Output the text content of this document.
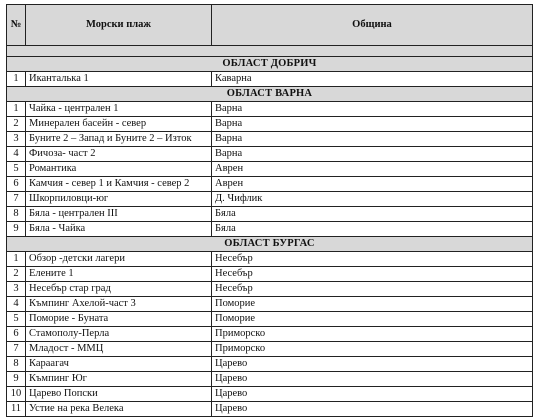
№	Морски плаж	Община

ОБЛАСТ ДОБРИЧ		
1	Иканталька 1	Каварна
ОБЛАСТ ВАРНА		
1	Чайка - централен 1	Варна
2	Минерален басейн - север	Варна
3	Буните 2 – Запад и Буните 2 – Изток	Варна
4	Фичоза- част 2	Варна
5	Романтика	Аврен
6	Камчия - север 1 и Камчия - север 2	Аврен
7	Шкорпиловци-юг	Д. Чифлик
8	Бяла - централен III	Бяла
9	Бяла - Чайка	Бяла
ОБЛАСТ БУРГАС		
1	Обзор -детски лагери	Несебър
2	Елените 1	Несебър
3	Несебър стар град	Несебър
4	Къмпинг Ахелой-част 3	Поморие
5	Поморие - Буната	Поморие
6	Стамополу-Перла	Приморско
7	Младост - ММЦ	Приморско
8	Караагач	Царево
9	Къмпинг Юг	Царево
10	Царево Попски	Царево
11	Устие на река Велека	Царево
